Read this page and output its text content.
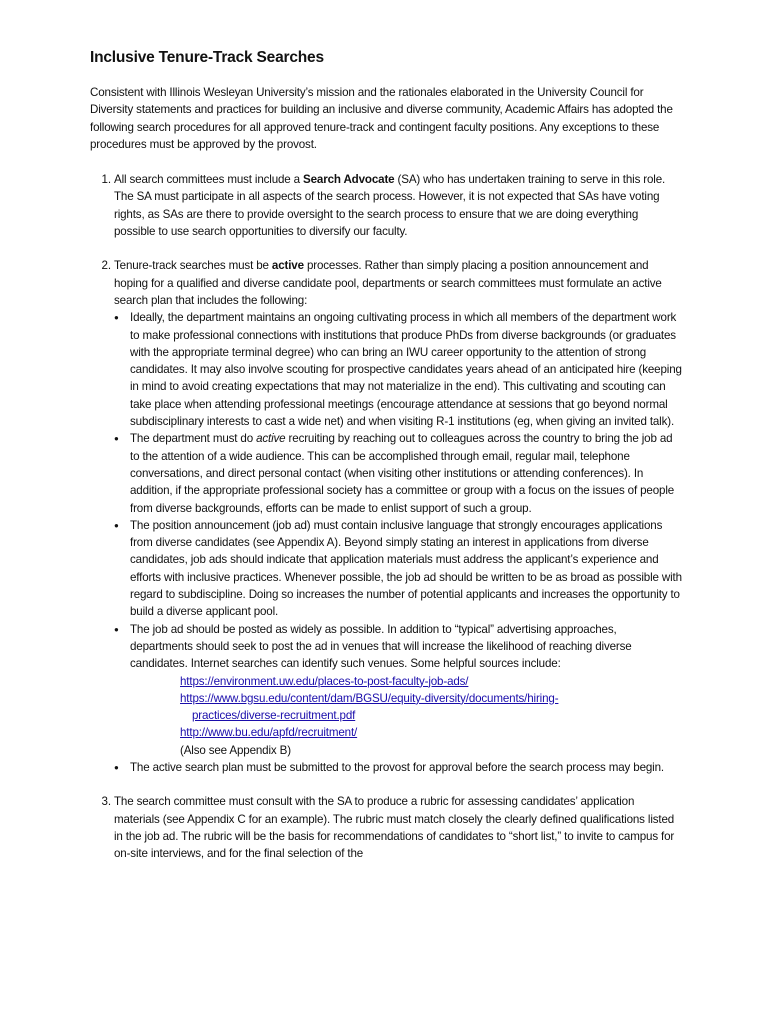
Inclusive Tenure-Track Searches

Consistent with Illinois Wesleyan University’s mission and the rationales elaborated in the University Council for Diversity statements and practices for building an inclusive and diverse community, Academic Affairs has adopted the following search procedures for all approved tenure-track and contingent faculty positions. Any exceptions to these procedures must be approved by the provost.

1. All search committees must include a Search Advocate (SA) who has undertaken training to serve in this role. The SA must participate in all aspects of the search process. However, it is not expected that SAs have voting rights, as SAs are there to provide oversight to the search process to ensure that we are doing everything possible to use search opportunities to diversify our faculty.
2. Tenure-track searches must be active processes. Rather than simply placing a position announcement and hoping for a qualified and diverse candidate pool, departments or search committees must formulate an active search plan that includes the following:
● Ideally, the department maintains an ongoing cultivating process in which all members of the department work to make professional connections with institutions that produce PhDs from diverse backgrounds (or graduates with the appropriate terminal degree) who can bring an IWU career opportunity to the attention of strong candidates. It may also involve scouting for prospective candidates years ahead of an anticipated hire (keeping in mind to avoid creating expectations that may not materialize in the end). This cultivating and scouting can take place when attending professional meetings (encourage attendance at sessions that go beyond normal subdisciplinary interests to cast a wide net) and when visiting R-1 institutions (eg, when giving an invited talk).
● The department must do active recruiting by reaching out to colleagues across the country to bring the job ad to the attention of a wide audience. This can be accomplished through email, regular mail, telephone conversations, and direct personal contact (when visiting other institutions or attending conferences). In addition, if the appropriate professional society has a committee or group with a focus on the issues of people from diverse backgrounds, efforts can be made to enlist support of such a group.
● The position announcement (job ad) must contain inclusive language that strongly encourages applications from diverse candidates (see Appendix A). Beyond simply stating an interest in applications from diverse candidates, job ads should indicate that application materials must address the applicant’s experience and efforts with inclusive practices. Whenever possible, the job ad should be written to be as broad as possible with regard to subdiscipline. Doing so increases the number of potential applicants and increases the opportunity to build a diverse applicant pool.
● The job ad should be posted as widely as possible. In addition to “typical” advertising approaches, departments should seek to post the ad in venues that will increase the likelihood of reaching diverse candidates. Internet searches can identify such venues. Some helpful sources include:
https://environment.uw.edu/places-to-post-faculty-job-ads/
https://www.bgsu.edu/content/dam/BGSU/equity-diversity/documents/hiring-

practices/diverse-recruitment.pdf
http://www.bu.edu/apfd/recruitment/
(Also see Appendix B)
● The active search plan must be submitted to the provost for approval before the search process may begin.
3. The search committee must consult with the SA to produce a rubric for assessing candidates’ application materials (see Appendix C for an example). The rubric must match closely the clearly defined qualifications listed in the job ad. The rubric will be the basis for recommendations of candidates to “short list,” to invite to campus for on-site interviews, and for the final selection of the
